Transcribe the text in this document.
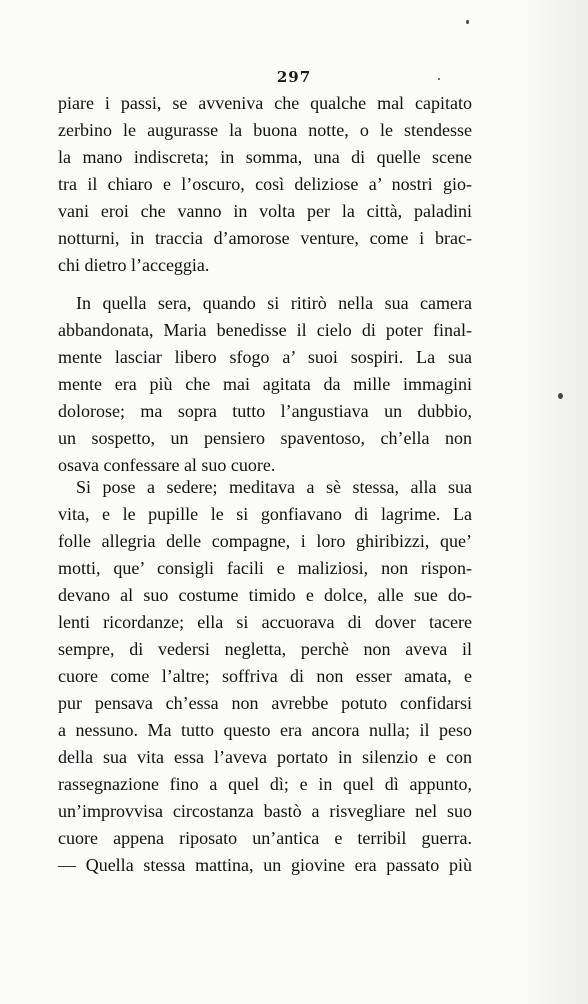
297
piare i passi, se avveniva che qualche mal capitato
zerbino le augurasse la buona notte, o le stendesse
la mano indiscreta; in somma, una di quelle scene
tra il chiaro e l’oscuro, così deliziose a’ nostri gio-
vani eroi che vanno in volta per la città, paladini
notturni, in traccia d’amorose venture, come i brac-
chi dietro l’acceggia.
In quella sera, quando si ritirò nella sua camera
abbandonata, Maria benedisse il cielo di poter final-
mente lasciar libero sfogo a’ suoi sospiri. La sua
mente era più che mai agitata da mille immagini
dolorose; ma sopra tutto l’angustiava un dubbio,
un sospetto, un pensiero spaventoso, ch’ella non
osava confessare al suo cuore.
Si pose a sedere; meditava a sè stessa, alla sua
vita, e le pupille le si gonfiavano di lagrime. La
folle allegria delle compagne, i loro ghiribizzi, que’
motti, que’ consigli facili e maliziosi, non rispon-
devano al suo costume timido e dolce, alle sue do-
lenti ricordanze; ella si accuorava di dover tacere
sempre, di vedersi negletta, perchè non aveva il
cuore come l’altre; soffriva di non esser amata, e
pur pensava ch’essa non avrebbe potuto confidarsi
a nessuno. Ma tutto questo era ancora nulla; il peso
della sua vita essa l’aveva portato in silenzio e con
rassegnazione fino a quel dì; e in quel dì appunto,
un’improvvisa circostanza bastò a risvegliare nel suo
cuore appena riposato un’antica e terribil guerra.
— Quella stessa mattina, un giovine era passato più
